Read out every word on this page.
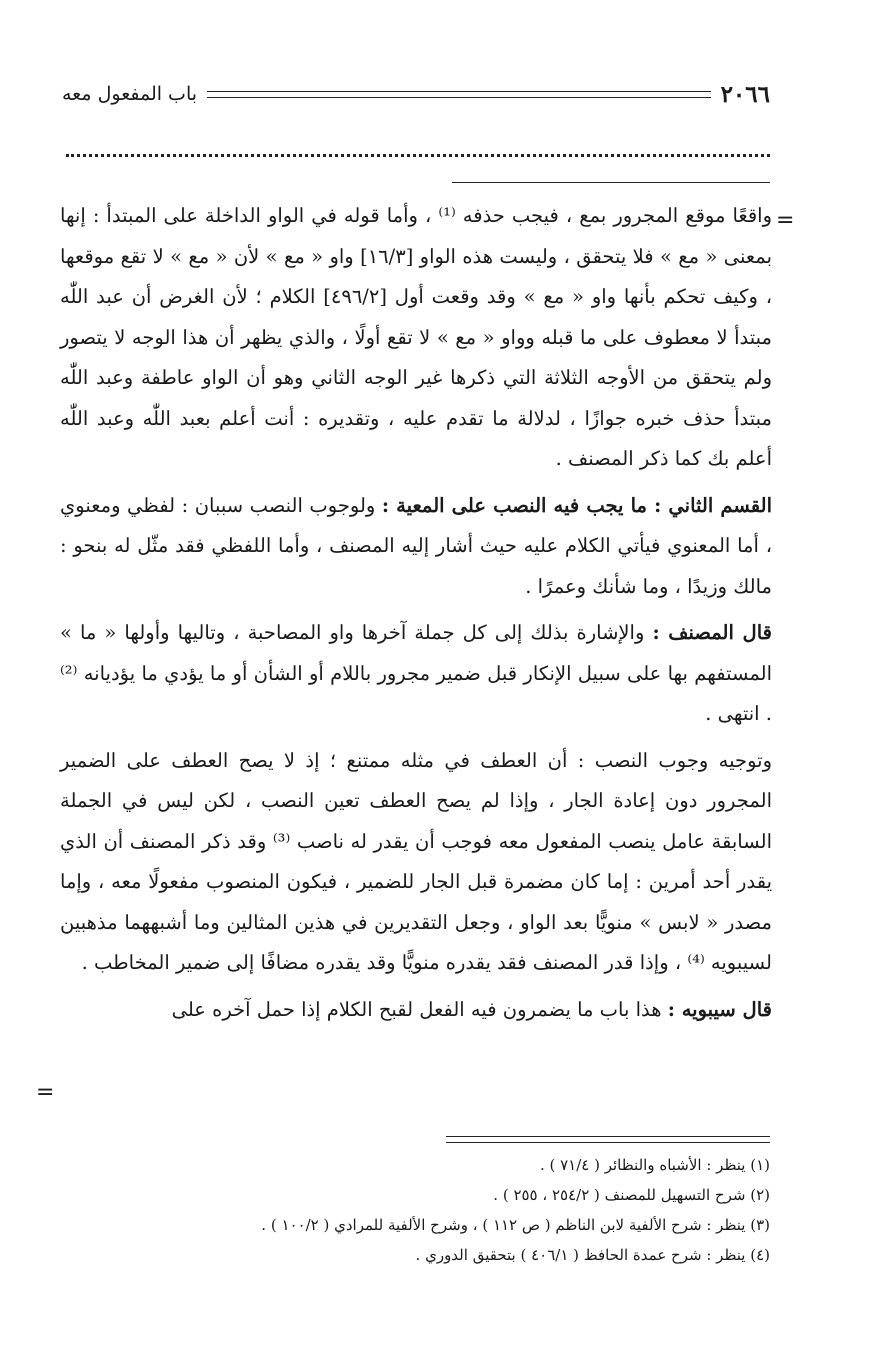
٢٠٦٦
باب المفعول معه
=

واقعًا موقع المجرور بمع ، فيجب حذفه ⁽¹⁾ ، وأما قوله في الواو الداخلة على المبتدأ : إنها بمعنى « مع » فلا يتحقق ، وليست هذه الواو [١٦/٣] واو « مع » لأن « مع » لا تقع موقعها ، وكيف تحكم بأنها واو « مع » وقد وقعت أول [٤٩٦/٢] الكلام ؛ لأن الغرض أن عبد اللّٰه مبتدأ لا معطوف على ما قبله وواو « مع » لا تقع أولًا ، والذي يظهر أن هذا الوجه لا يتصور ولم يتحقق من الأوجه الثلاثة التي ذكرها غير الوجه الثاني وهو أن الواو عاطفة وعبد اللّٰه مبتدأ حذف خبره جوازًا ، لدلالة ما تقدم عليه ، وتقديره : أنت أعلم بعبد اللّٰه وعبد اللّٰه أعلم بك كما ذكر المصنف .

القسم الثاني : ما يجب فيه النصب على المعية : ولوجوب النصب سببان : لفظي ومعنوي ، أما المعنوي فيأتي الكلام عليه حيث أشار إليه المصنف ، وأما اللفظي فقد مثّل له بنحو : مالك وزيدًا ، وما شأنك وعمرًا .

قال المصنف : والإشارة بذلك إلى كل جملة آخرها واو المصاحبة ، وتاليها وأولها « ما » المستفهم بها على سبيل الإنكار قبل ضمير مجرور باللام أو الشأن أو ما يؤدي ما يؤديانه ⁽²⁾ . انتهى .

وتوجيه وجوب النصب : أن العطف في مثله ممتنع ؛ إذ لا يصح العطف على الضمير المجرور دون إعادة الجار ، وإذا لم يصح العطف تعين النصب ، لكن ليس في الجملة السابقة عامل ينصب المفعول معه فوجب أن يقدر له ناصب ⁽³⁾ وقد ذكر المصنف أن الذي يقدر أحد أمرين : إما كان مضمرة قبل الجار للضمير ، فيكون المنصوب مفعولًا معه ، وإما مصدر « لابس » منويًّا بعد الواو ، وجعل التقديرين في هذين المثالين وما أشبههما مذهبين لسيبويه ⁽⁴⁾ ، وإذا قدر المصنف فقد يقدره منويًّا وقد يقدره مضافًا إلى ضمير المخاطب .

قال سيبويه : هذا باب ما يضمرون فيه الفعل لقبح الكلام إذا حمل آخره على

=
(١) ينظر : الأشباه والنظائر ( ٧١/٤ ) .
(٢) شرح التسهيل للمصنف ( ٢٥٤/٢ ، ٢٥٥ ) .
(٣) ينظر : شرح الألفية لابن الناظم ( ص ١١٢ ) ، وشرح الألفية للمرادي ( ١٠٠/٢ ) .
(٤) ينظر : شرح عمدة الحافظ ( ٤٠٦/١ ) بتحقيق الدوري .
